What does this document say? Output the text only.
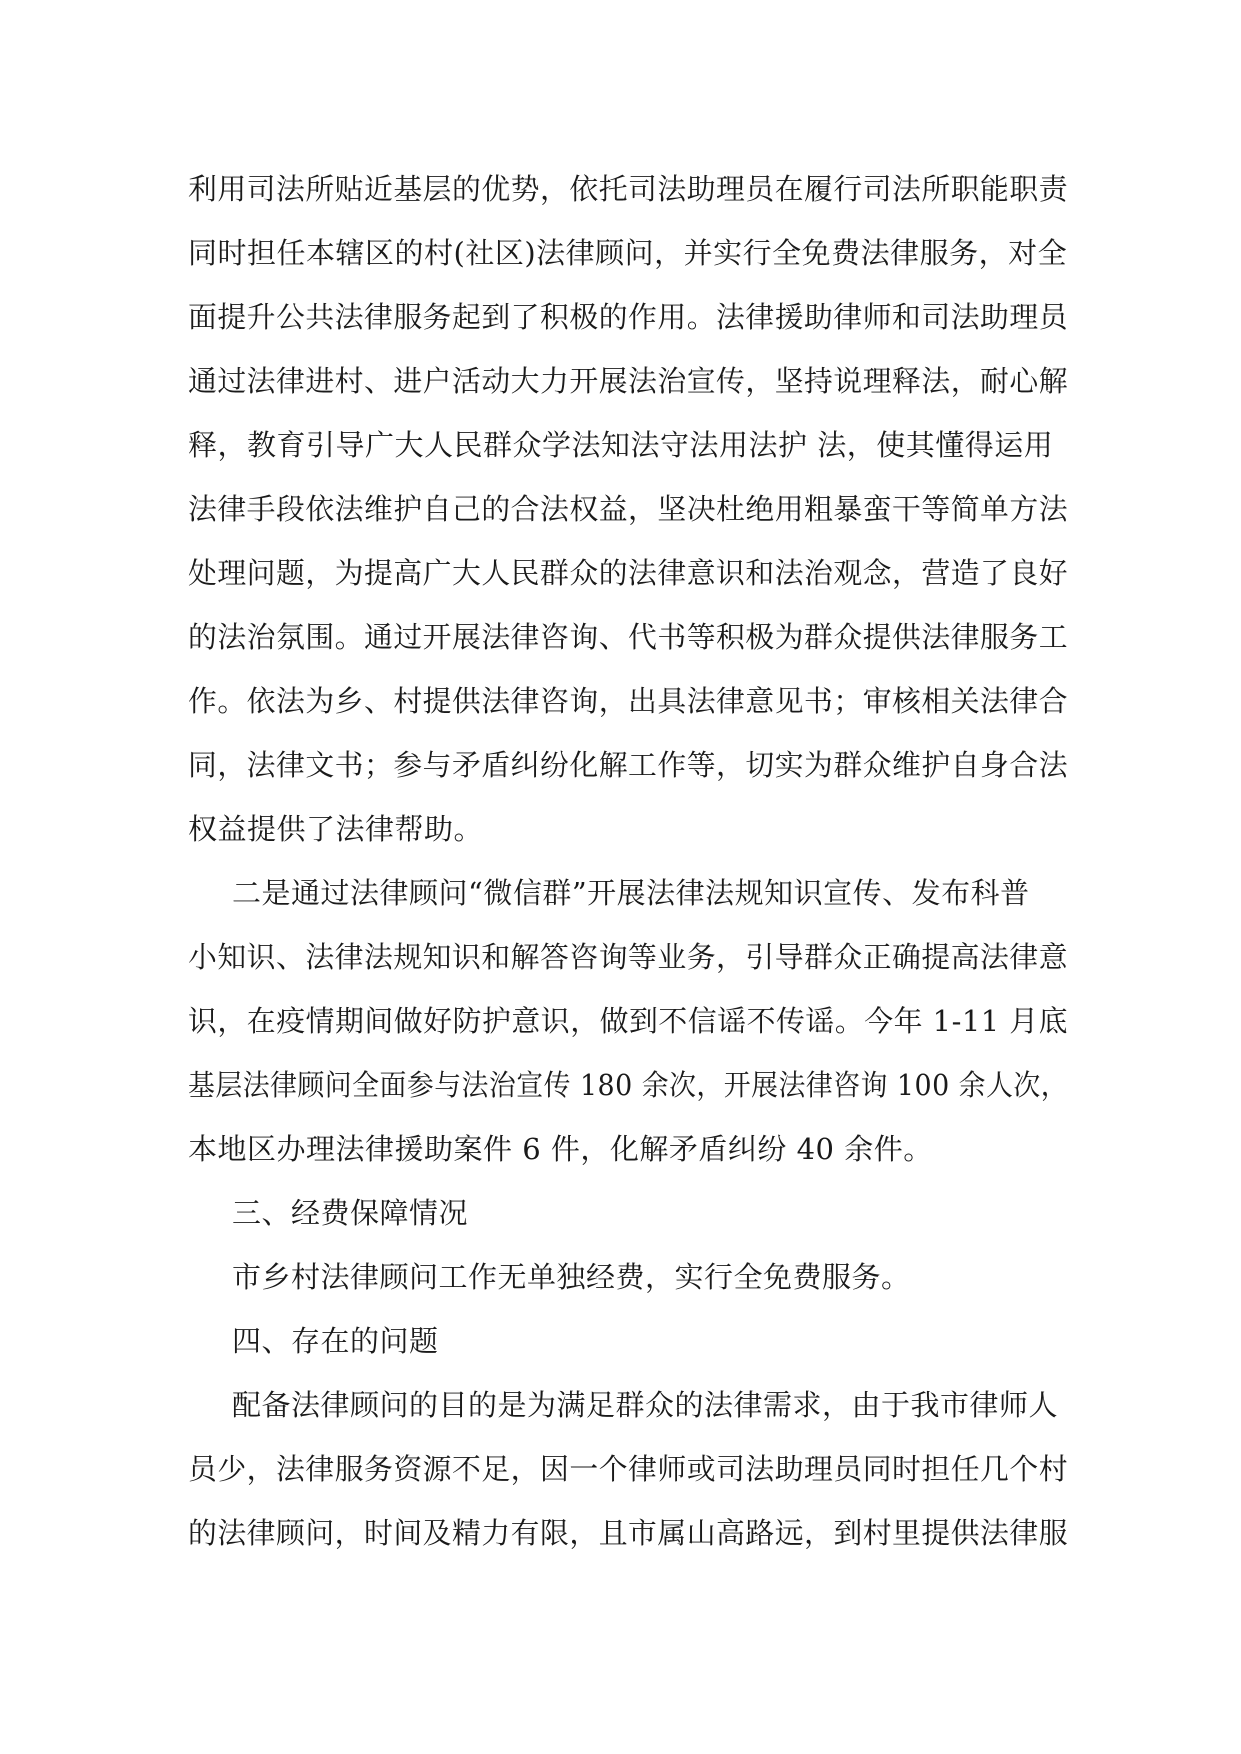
利用司法所贴近基层的优势，依托司法助理员在履行司法所职能职责
同时担任本辖区的村(社区)法律顾问，并实行全免费法律服务，对全
面提升公共法律服务起到了积极的作用。法律援助律师和司法助理员
通过法律进村、进户活动大力开展法治宣传，坚持说理释法，耐心解
释，教育引导广大人民群众学法知法守法用法护 法，使其懂得运用
法律手段依法维护自己的合法权益，坚决杜绝用粗暴蛮干等简单方法
处理问题，为提高广大人民群众的法律意识和法治观念，营造了良好
的法治氛围。通过开展法律咨询、代书等积极为群众提供法律服务工
作。依法为乡、村提供法律咨询，出具法律意见书；审核相关法律合
同，法律文书；参与矛盾纠纷化解工作等，切实为群众维护自身合法
权益提供了法律帮助。
二是通过法律顾问“微信群”开展法律法规知识宣传、发布科普
小知识、法律法规知识和解答咨询等业务，引导群众正确提高法律意
识，在疫情期间做好防护意识，做到不信谣不传谣。今年 1-11 月底
基层法律顾问全面参与法治宣传 180 余次，开展法律咨询 100 余人次，
本地区办理法律援助案件 6 件，化解矛盾纠纷 40 余件。
三、经费保障情况
市乡村法律顾问工作无单独经费，实行全免费服务。
四、存在的问题
配备法律顾问的目的是为满足群众的法律需求，由于我市律师人
员少，法律服务资源不足，因一个律师或司法助理员同时担任几个村
的法律顾问，时间及精力有限，且市属山高路远，到村里提供法律服
